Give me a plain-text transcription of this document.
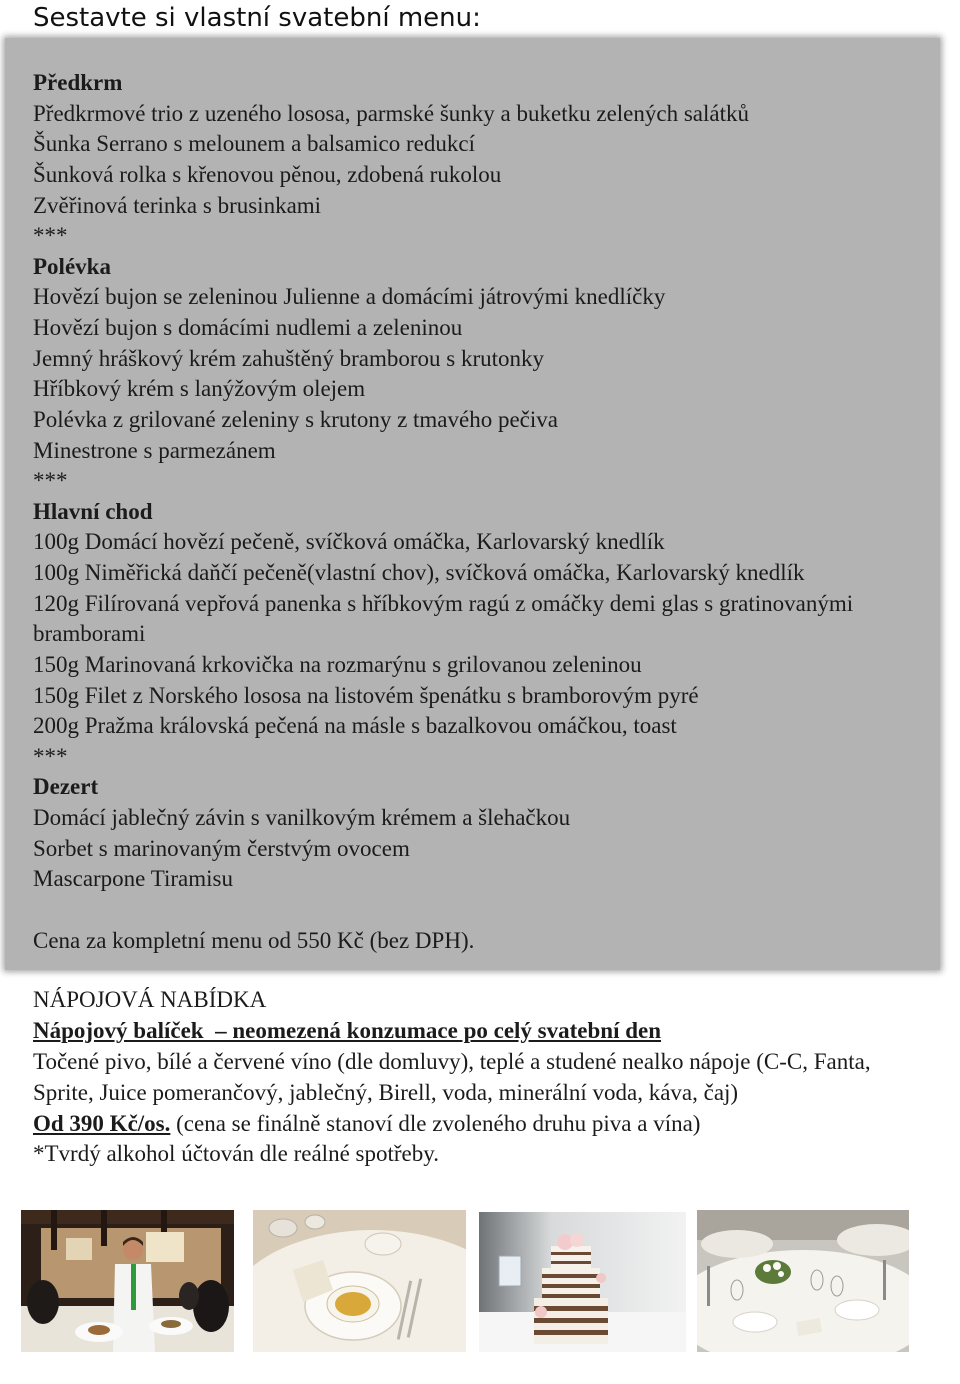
Sestavte si vlastní svatební menu:
Předkrm
Předkrmové trio z uzeného lososa, parmské šunky a buketku zelených salátků
Šunka Serrano s melounem a balsamico redukcí
Šunková rolka s křenovou pěnou, zdobená rukolou
Zvěřinová terinka s brusinkami
***
Polévka
Hovězí bujon se zeleninou Julienne a domácími játrovými knedlíčky
Hovězí bujon s domácími nudlemi a zeleninou
Jemný hráškový krém zahuštěný bramborou s krutonky
Hříbkový krém s lanýžovým olejem
Polévka z grilované zeleniny s krutony z tmavého pečiva
Minestrone s parmezánem
***
Hlavní chod
100g Domácí hovězí pečeně, svíčková omáčka, Karlovarský knedlík
100g Niměřická daňčí pečeně(vlastní chov), svíčková omáčka, Karlovarský knedlík
120g Filírovaná vepřová panenka s hříbkovým ragú z omáčky demi glas s gratinovanými bramborami
150g Marinovaná krkovička na rozmarýnu s grilovanou zeleninou
150g Filet z Norského lososa na listovém špenátku s bramborovým pyré
200g Pražma královská pečená na másle s bazalkovou omáčkou, toast
***
Dezert
Domácí jablečný závin s vanilkovým krémem a šlehačkou
Sorbet s marinovaným čerstvým ovocem
Mascarpone Tiramisu
Cena za kompletní menu od 550 Kč (bez DPH).
NÁPOJOVÁ NABÍDKA
Nápojový balíček  – neomezená konzumace po celý svatební den
Točené pivo, bílé a červené víno (dle domluvy), teplé a studené nealko nápoje (C-C, Fanta,
Sprite, Juice pomerančový, jablečný, Birell, voda, minerální voda, káva, čaj)
Od 390 Kč/os. (cena se finálně stanoví dle zvoleného druhu piva a vína)
*Tvrdý alkohol účtován dle reálné spotřeby.
